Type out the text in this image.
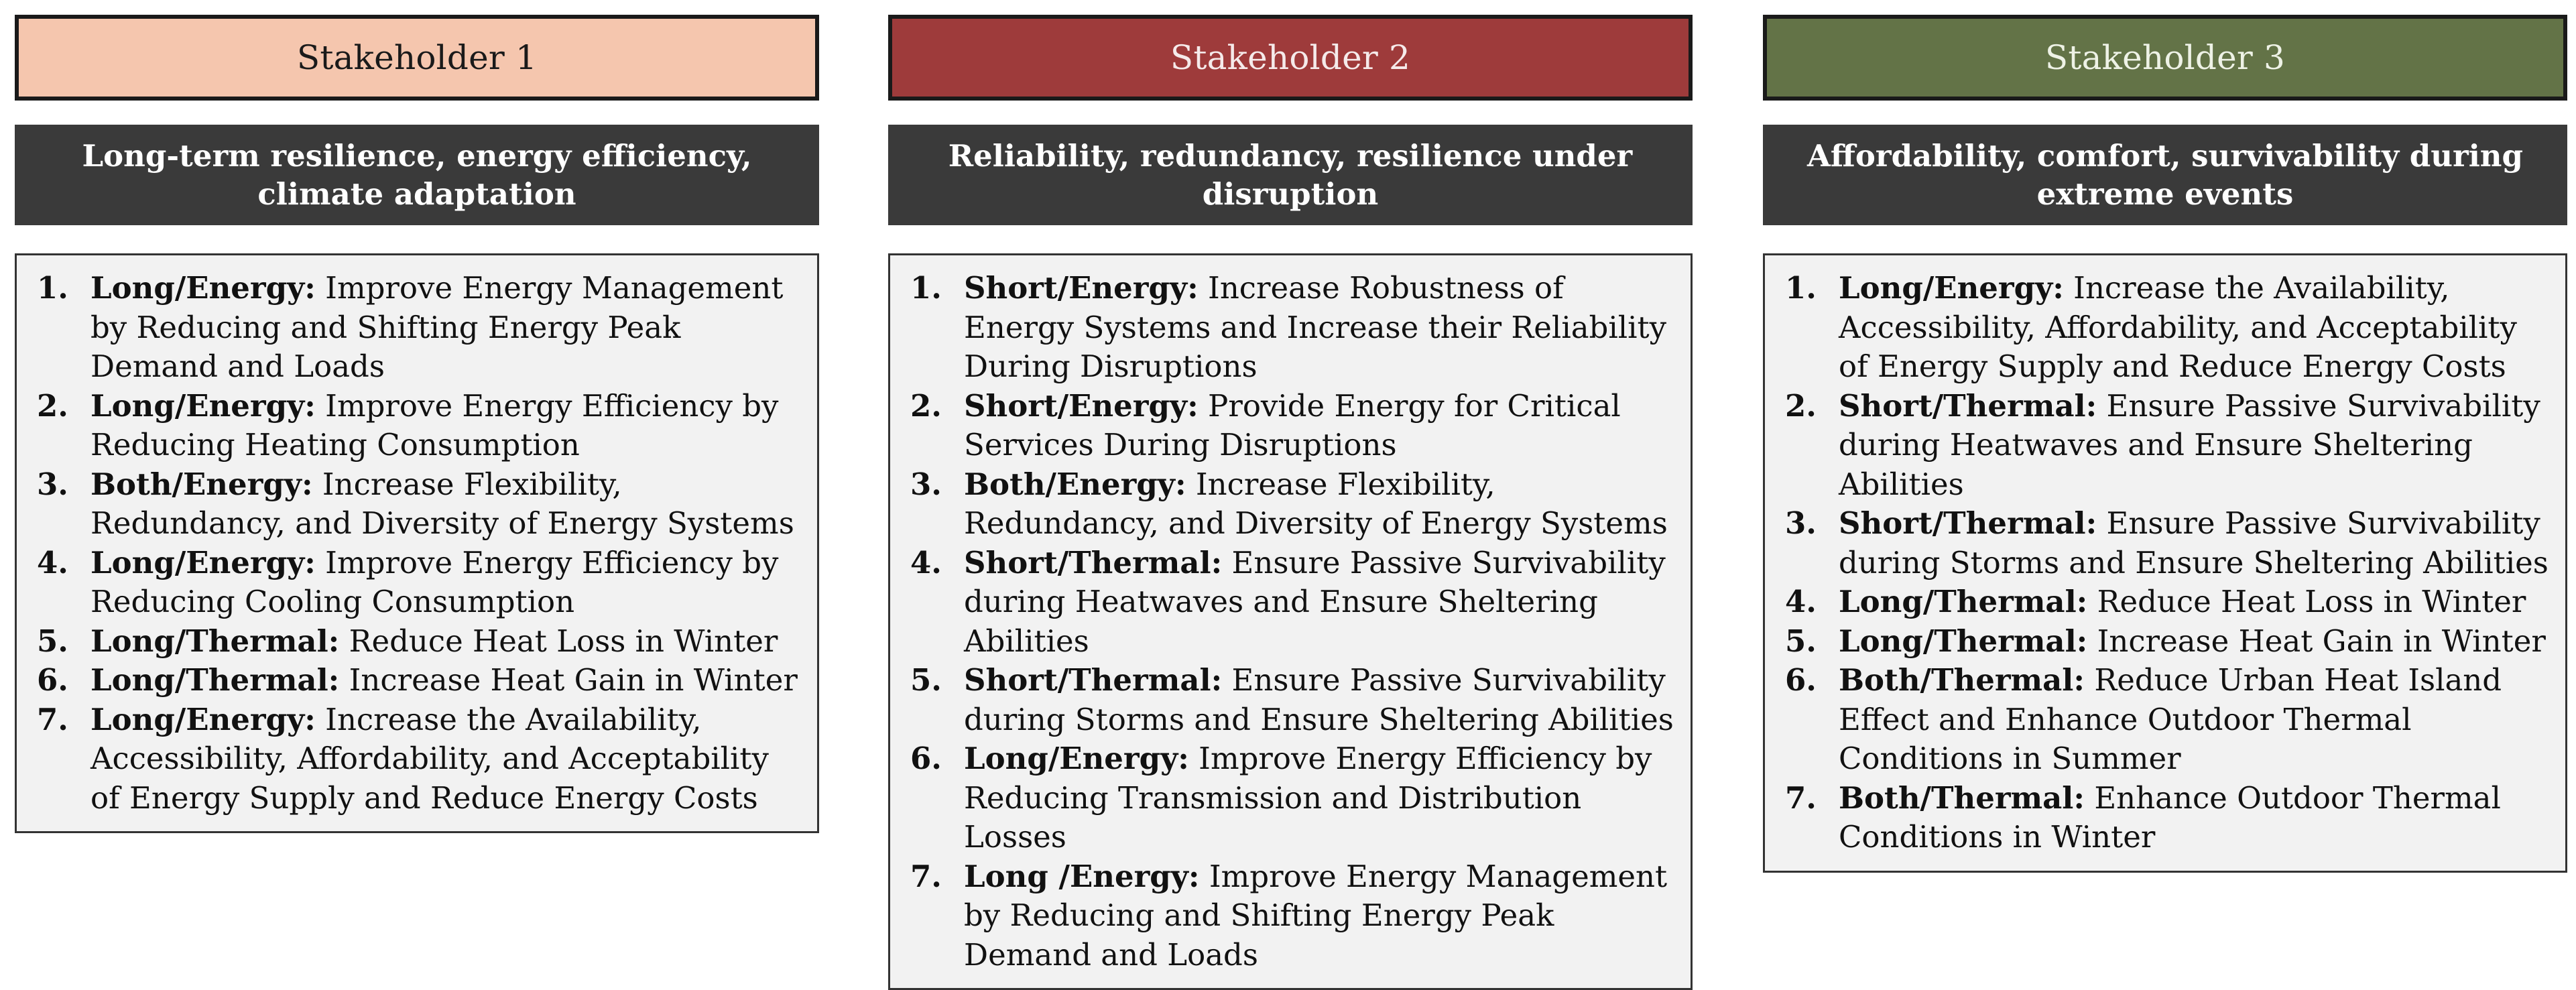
Stakeholder 1
Long-term resilience, energy efficiency, climate adaptation
1. Long/Energy: Improve Energy Management by Reducing and Shifting Energy Peak Demand and Loads
2. Long/Energy: Improve Energy Efficiency by Reducing Heating Consumption
3. Both/Energy: Increase Flexibility, Redundancy, and Diversity of Energy Systems
4. Long/Energy: Improve Energy Efficiency by Reducing Cooling Consumption
5. Long/Thermal: Reduce Heat Loss in Winter
6. Long/Thermal: Increase Heat Gain in Winter
7. Long/Energy: Increase the Availability, Accessibility, Affordability, and Acceptability of Energy Supply and Reduce Energy Costs
Stakeholder 2
Reliability, redundancy, resilience under disruption
1. Short/Energy: Increase Robustness of Energy Systems and Increase their Reliability During Disruptions
2. Short/Energy: Provide Energy for Critical Services During Disruptions
3. Both/Energy: Increase Flexibility, Redundancy, and Diversity of Energy Systems
4. Short/Thermal: Ensure Passive Survivability during Heatwaves and Ensure Sheltering Abilities
5. Short/Thermal: Ensure Passive Survivability during Storms and Ensure Sheltering Abilities
6. Long/Energy: Improve Energy Efficiency by Reducing Transmission and Distribution Losses
7. Long /Energy: Improve Energy Management by Reducing and Shifting Energy Peak Demand and Loads
Stakeholder 3
Affordability, comfort, survivability during extreme events
1. Long/Energy: Increase the Availability, Accessibility, Affordability, and Acceptability of Energy Supply and Reduce Energy Costs
2. Short/Thermal: Ensure Passive Survivability during Heatwaves and Ensure Sheltering Abilities
3. Short/Thermal: Ensure Passive Survivability during Storms and Ensure Sheltering Abilities
4. Long/Thermal: Reduce Heat Loss in Winter
5. Long/Thermal: Increase Heat Gain in Winter
6. Both/Thermal: Reduce Urban Heat Island Effect and Enhance Outdoor Thermal Conditions in Summer
7. Both/Thermal: Enhance Outdoor Thermal Conditions in Winter
